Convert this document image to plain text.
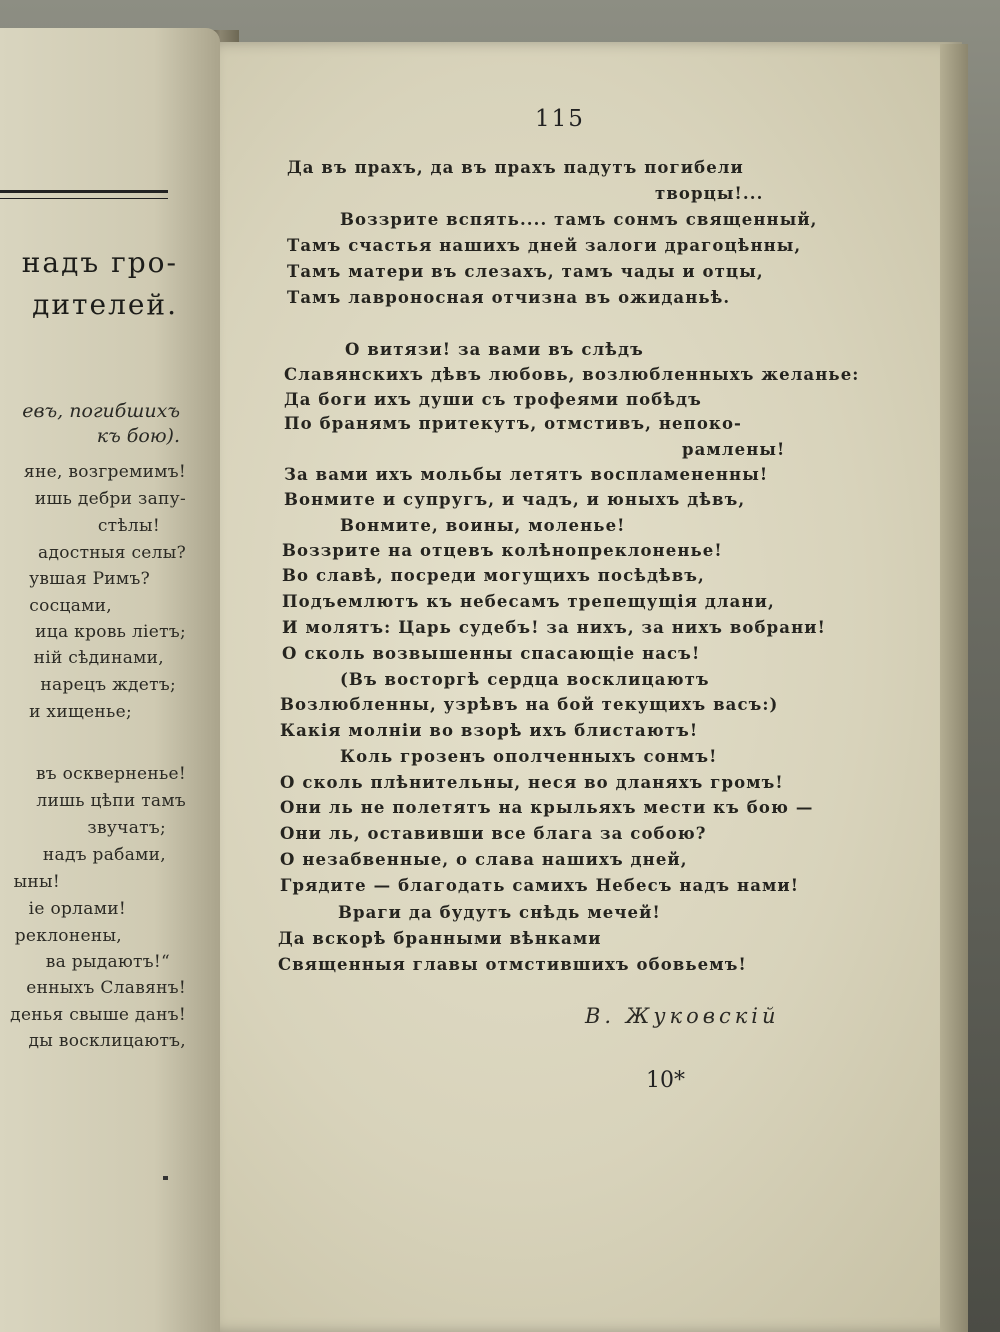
надъ гро-
дителей.
евъ, погибшихъ
къ бою).
яне, возгремимъ!
ишь дебри запу-
стѣлы!
адостныя селы?
увшая Римъ?
сосцами,
ица кровь лiетъ;
ній сѣдинами,
нарецъ ждетъ;
и хищенье;
въ оскверненье!
лишь цѣпи тамъ
звучатъ;
надъ рабами,
ыны!
іе орлами!
реклонены,
ва рыдаютъ!“
енныхъ Славянъ!
денья свыше данъ!
ды восклицаютъ,
115
Да въ прахъ, да въ прахъ падутъ погибели
творцы!...
Воззрите вспять.... тамъ сонмъ священный,
Тамъ счастья нашихъ дней залоги драгоцѣнны,
Тамъ матери въ слезахъ, тамъ чады и отцы,
Тамъ лавроносная отчизна въ ожиданьѣ.
О витязи! за вами въ слѣдъ
Славянскихъ дѣвъ любовь, возлюбленныхъ желанье:
Да боги ихъ души съ трофеями побѣдъ
По бранямъ притекутъ, отмстивъ, непоко-
рамлены!
За вами ихъ мольбы летятъ воспламененны!
Вонмите и супругъ, и чадъ, и юныхъ дѣвъ,
Вонмите, воины, моленье!
Воззрите на отцевъ колѣнопреклоненье!
Во славѣ, посреди могущихъ посѣдѣвъ,
Подъемлютъ къ небесамъ трепещущія длани,
И молятъ: Царь судебъ! за нихъ, за нихъ вобрани!
О сколь возвышенны спасающіе насъ!
(Въ восторгѣ сердца восклицаютъ
Возлюбленны, узрѣвъ на бой текущихъ васъ:)
Какія молніи во взорѣ ихъ блистаютъ!
Коль грозенъ ополченныхъ сонмъ!
О сколь плѣнительны, неся во дланяхъ громъ!
Они ль не полетятъ на крыльяхъ мести къ бою —
Они ль, оставивши все блага за собою?
О незабвенные, о слава нашихъ дней,
Грядите — благодать самихъ Небесъ надъ нами!
Враги да будутъ снѣдь мечей!
Да вскорѣ бранными вѣнками
Священныя главы отмстившихъ обовьемъ!
В. Жуковскій
10*
